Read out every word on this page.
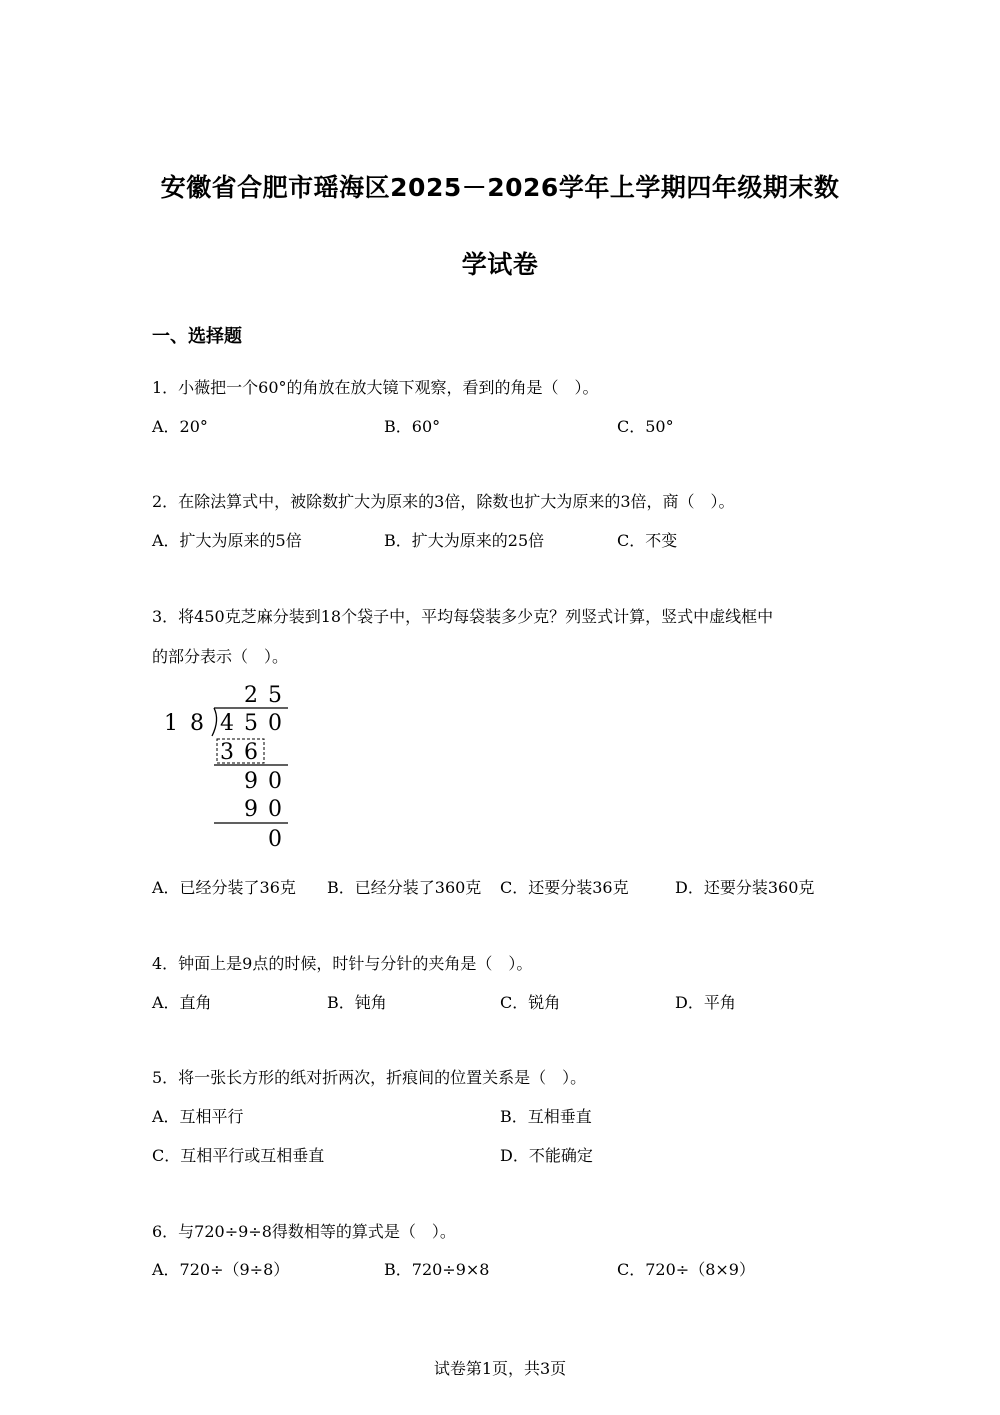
安徽省合肥市瑶海区2025－2026学年上学期四年级期末数
学试卷
一、选择题
1．小薇把一个60°的角放在放大镜下观察，看到的角是（　）。
A．20°	B．60°	C．50°
2．在除法算式中，被除数扩大为原来的3倍，除数也扩大为原来的3倍，商（　）。
A．扩大为原来的5倍	B．扩大为原来的25倍	C．不变
3．将450克芝麻分装到18个袋子中，平均每袋装多少克？列竖式计算，竖式中虚线框中
的部分表示（　）。
2 5
1 8 4 5 0
3 6
9 0
9 0
0
A．已经分装了36克 B．已经分装了360克 C．还要分装36克	D．还要分装360克
4．钟面上是9点的时候，时针与分针的夹角是（　）。
A．直角	B．钝角	C．锐角	D．平角
5．将一张长方形的纸对折两次，折痕间的位置关系是（　）。
A．互相平行	B．互相垂直
C．互相平行或互相垂直	D．不能确定
6．与720÷9÷8得数相等的算式是（　）。
A．720÷（9÷8）	B．720÷9×8	C．720÷（8×9）
试卷第1页，共3页
